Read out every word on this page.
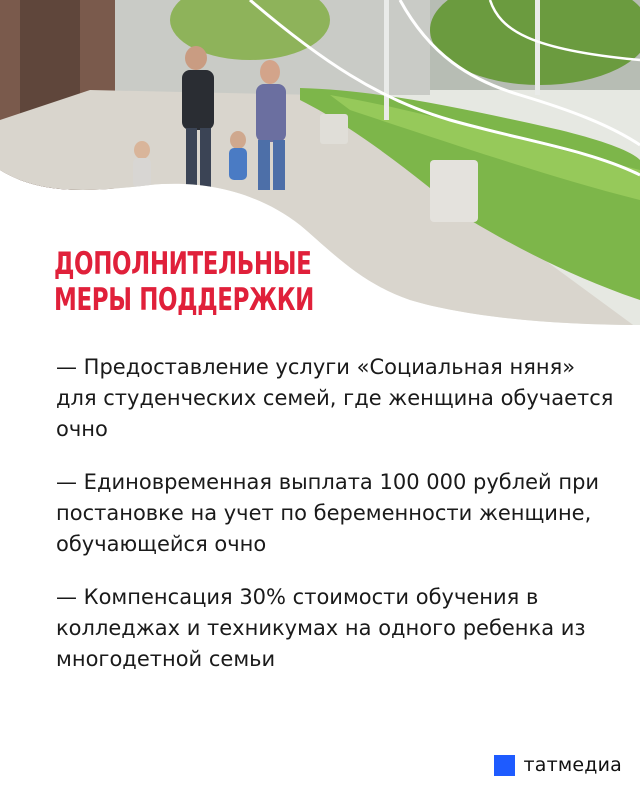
ДОПОЛНИТЕЛЬНЫЕ
МЕРЫ ПОДДЕРЖКИ

— Предоставление услуги «Социальная няня» для студенческих семей, где женщина обучается очно

— Единовременная выплата 100 000 рублей при постановке на учет по беременности женщине, обучающейся очно

— Компенсация 30% стоимости обучения в колледжах и техникумах на одного ребенка из многодетной семьи

татмедиа
